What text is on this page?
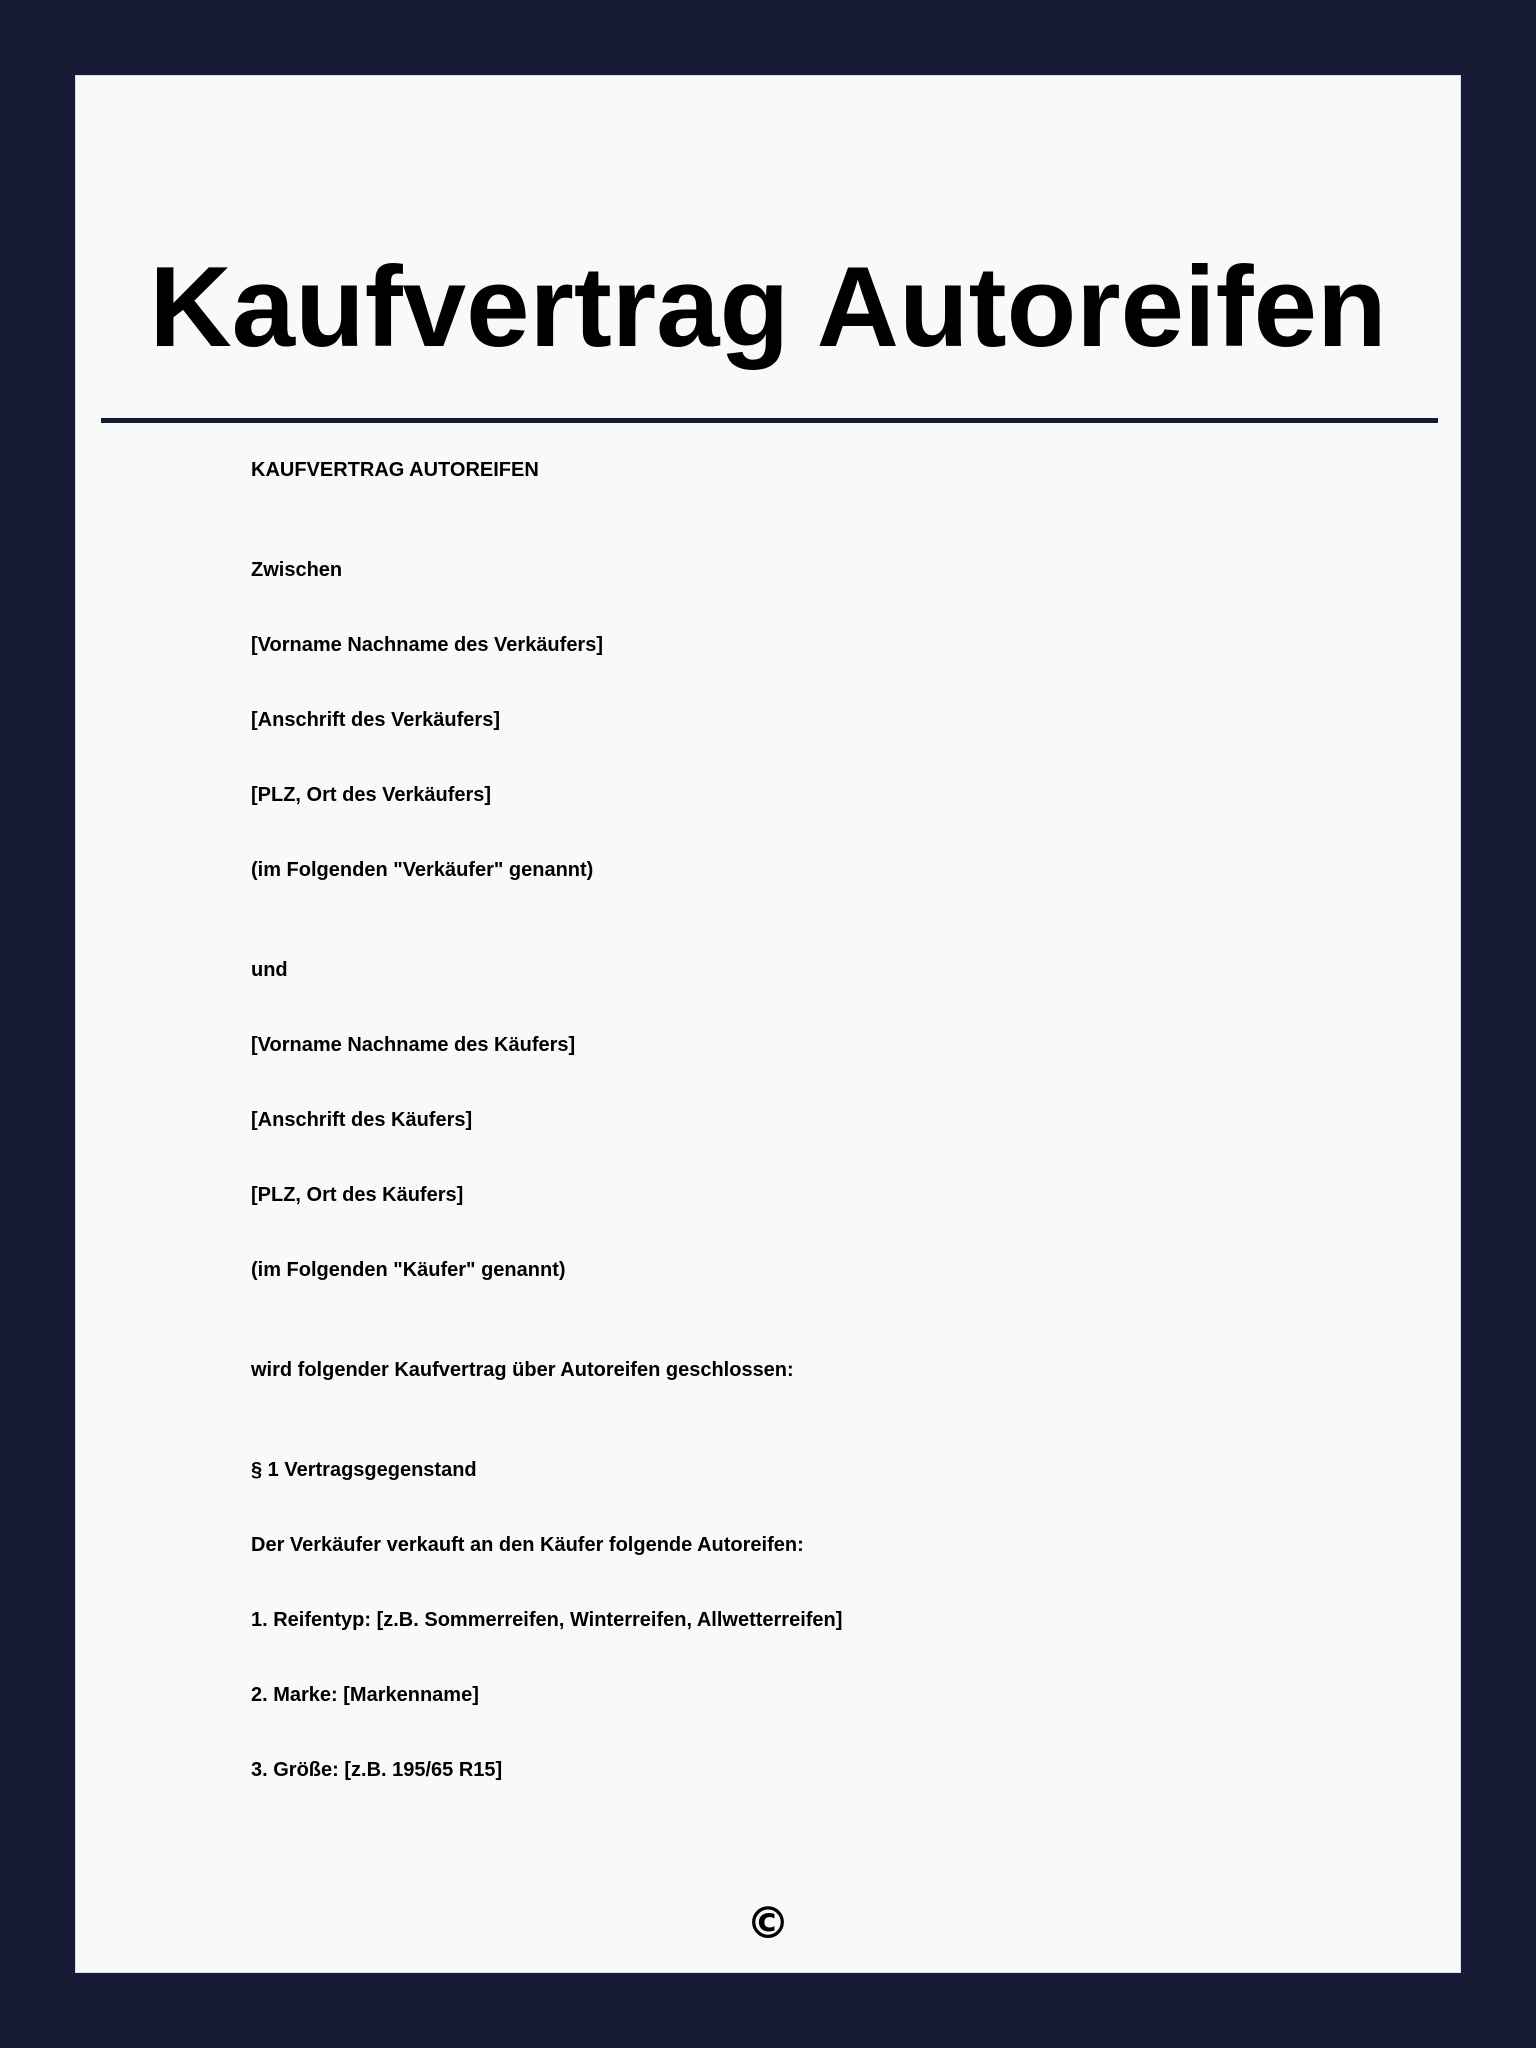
Kaufvertrag Autoreifen
KAUFVERTRAG AUTOREIFEN
Zwischen
[Vorname Nachname des Verkäufers]
[Anschrift des Verkäufers]
[PLZ, Ort des Verkäufers]
(im Folgenden "Verkäufer" genannt)
und
[Vorname Nachname des Käufers]
[Anschrift des Käufers]
[PLZ, Ort des Käufers]
(im Folgenden "Käufer" genannt)
wird folgender Kaufvertrag über Autoreifen geschlossen:
§ 1 Vertragsgegenstand
Der Verkäufer verkauft an den Käufer folgende Autoreifen:
1. Reifentyp: [z.B. Sommerreifen, Winterreifen, Allwetterreifen]
2. Marke: [Markenname]
3. Größe: [z.B. 195/65 R15]
©
